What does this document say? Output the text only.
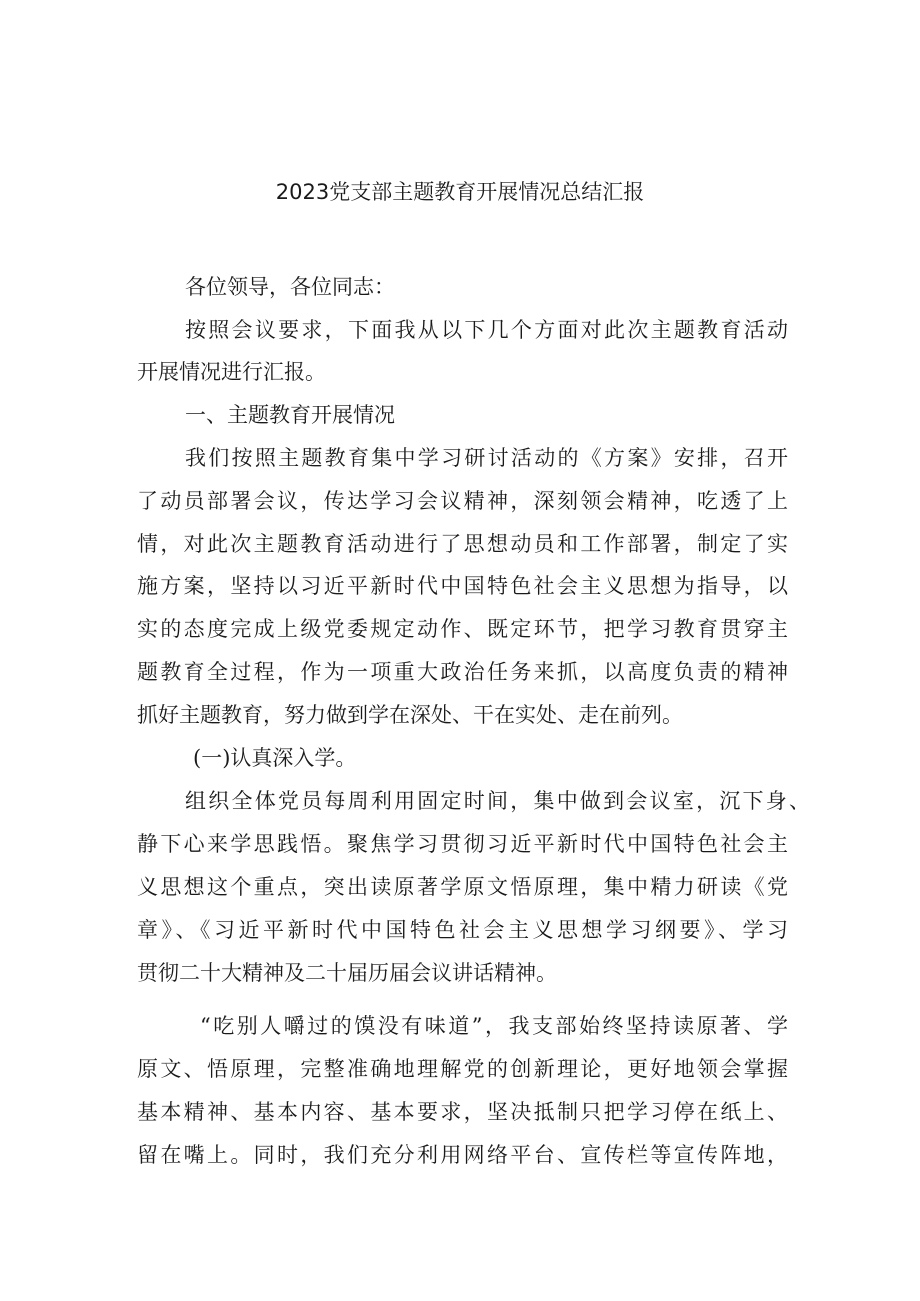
2023党支部主题教育开展情况总结汇报
各位领导，各位同志：
按照会议要求，下面我从以下几个方面对此次主题教育活动
开展情况进行汇报。
一、主题教育开展情况
我们按照主题教育集中学习研讨活动的《方案》安排，召开
了动员部署会议，传达学习会议精神，深刻领会精神，吃透了上
情，对此次主题教育活动进行了思想动员和工作部署，制定了实
施方案，坚持以习近平新时代中国特色社会主义思想为指导，以
实的态度完成上级党委规定动作、既定环节，把学习教育贯穿主
题教育全过程，作为一项重大政治任务来抓，以高度负责的精神
抓好主题教育，努力做到学在深处、干在实处、走在前列。
(一)认真深入学。
组织全体党员每周利用固定时间，集中做到会议室，沉下身、
静下心来学思践悟。聚焦学习贯彻习近平新时代中国特色社会主
义思想这个重点，突出读原著学原文悟原理，集中精力研读《党
章》、《习近平新时代中国特色社会主义思想学习纲要》、学习
贯彻二十大精神及二十届历届会议讲话精神。
“吃别人嚼过的馍没有味道”，我支部始终坚持读原著、学
原文、悟原理，完整准确地理解党的创新理论，更好地领会掌握
基本精神、基本内容、基本要求，坚决抵制只把学习停在纸上、
留在嘴上。同时，我们充分利用网络平台、宣传栏等宣传阵地，
